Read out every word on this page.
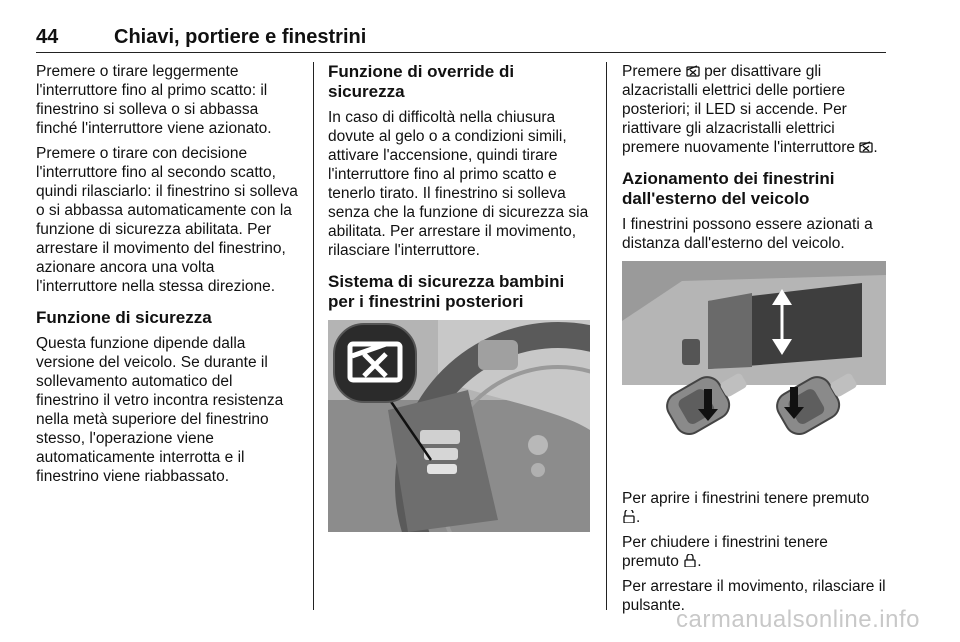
44	Chiavi, portiere e finestrini

Premere o tirare leggermente l'interruttore fino al primo scatto: il finestrino si solleva o si abbassa finché l'interruttore viene azionato.

Premere o tirare con decisione l'interruttore fino al secondo scatto, quindi rilasciarlo: il finestrino si solleva o si abbassa automaticamente con la funzione di sicurezza abilitata. Per arrestare il movimento del finestrino, azionare ancora una volta l'interruttore nella stessa direzione.

Funzione di sicurezza

Questa funzione dipende dalla versione del veicolo. Se durante il sollevamento automatico del finestrino il vetro incontra resistenza nella metà superiore del finestrino stesso, l'operazione viene automaticamente interrotta e il finestrino viene riabbassato.

Funzione di override di sicurezza

In caso di difficoltà nella chiusura dovute al gelo o a condizioni simili, attivare l'accensione, quindi tirare l'interruttore fino al primo scatto e tenerlo tirato. Il finestrino si solleva senza che la funzione di sicurezza sia abilitata. Per arrestare il movimento, rilasciare l'interruttore.

Sistema di sicurezza bambini per i finestrini posteriori

Premere per disattivare gli alzacristalli elettrici delle portiere posteriori; il LED si accende. Per riattivare gli alzacristalli elettrici premere nuovamente l'interruttore .

Azionamento dei finestrini dall'esterno del veicolo

I finestrini possono essere azionati a distanza dall'esterno del veicolo.

Per aprire i finestrini tenere premuto .

Per chiudere i finestrini tenere premuto .

Per arrestare il movimento, rilasciare il pulsante.

carmanualsonline.info
